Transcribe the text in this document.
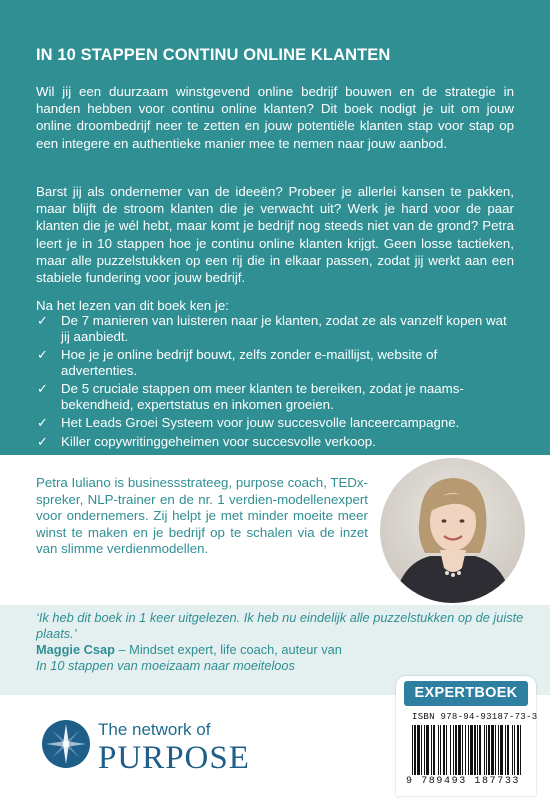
IN 10 STAPPEN CONTINU ONLINE KLANTEN

Wil jij een duurzaam winstgevend online bedrijf bouwen en de strategie in handen hebben voor continu online klanten? Dit boek nodigt je uit om jouw online droombedrijf neer te zetten en jouw potentiële klanten stap voor stap op een integere en authentieke manier mee te nemen naar jouw aanbod.

Barst jij als ondernemer van de ideeën? Probeer je allerlei kansen te pakken, maar blijft de stroom klanten die je verwacht uit? Werk je hard voor de paar klanten die je wél hebt, maar komt je bedrijf nog steeds niet van de grond? Petra leert je in 10 stappen hoe je continu online klanten krijgt. Geen losse tactieken, maar alle puzzelstukken op een rij die in elkaar passen, zodat jij werkt aan een stabiele fundering voor jouw bedrijf.

Na het lezen van dit boek ken je:
✓ De 7 manieren van luisteren naar je klanten, zodat ze als vanzelf kopen wat jij aanbiedt.
✓ Hoe je je online bedrijf bouwt, zelfs zonder e-maillijst, website of advertenties.
✓ De 5 cruciale stappen om meer klanten te bereiken, zodat je naams-bekendheid, expertstatus en inkomen groeien.
✓ Het Leads Groei Systeem voor jouw succesvolle lanceercampagne.
✓ Killer copywritinggeheimen voor succesvolle verkoop.

Petra Iuliano is businessstrateeg, purpose coach, TEDx-spreker, NLP-trainer en de nr. 1 verdien-modellenexpert voor ondernemers. Zij helpt je met minder moeite meer winst te maken en je bedrijf op te schalen via de inzet van slimme verdienmodellen.

‘Ik heb dit boek in 1 keer uitgelezen. Ik heb nu eindelijk alle puzzelstukken op de juiste plaats.’

Maggie Csap – Mindset expert, life coach, auteur van

In 10 stappen van moeizaam naar moeiteloos

The network of
PURPOSE
EXPERTBOEK
ISBN 978-94-93187-73-3
9 789493 187733
